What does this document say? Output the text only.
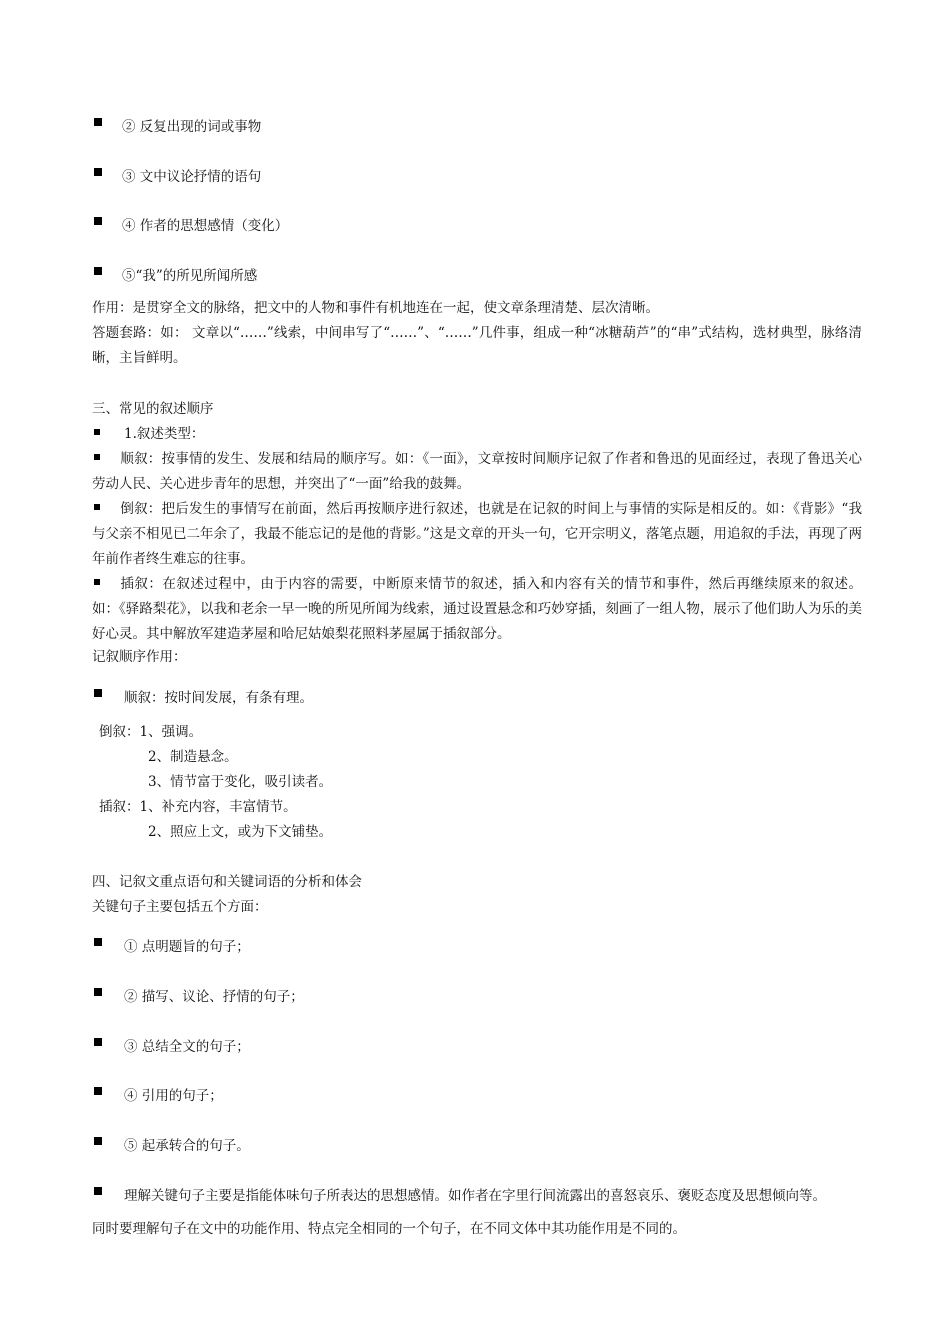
② 反复出现的词或事物
③ 文中议论抒情的语句
④ 作者的思想感情（变化）
⑤“我”的所见所闻所感
作用：是贯穿全文的脉络，把文中的人物和事件有机地连在一起，使文章条理清楚、层次清晰。
答题套路：如： 文章以“……”线索，中间串写了“……”、“……”几件事，组成一种“冰糖葫芦”的“串”式结构，选材典型，脉络清晰，主旨鲜明。
三、常见的叙述顺序
1.叙述类型：
顺叙：按事情的发生、发展和结局的顺序写。如：《一面》，文章按时间顺序记叙了作者和鲁迅的见面经过，表现了鲁迅关心劳动人民、关心进步青年的思想，并突出了“一面”给我的鼓舞。
倒叙：把后发生的事情写在前面，然后再按顺序进行叙述，也就是在记叙的时间上与事情的实际是相反的。如：《背影》“我与父亲不相见已二年余了，我最不能忘记的是他的背影。”这是文章的开头一句，它开宗明义，落笔点题，用追叙的手法，再现了两年前作者终生难忘的往事。
插叙：在叙述过程中，由于内容的需要，中断原来情节的叙述，插入和内容有关的情节和事件，然后再继续原来的叙述。如：《驿路梨花》，以我和老余一早一晚的所见所闻为线索，通过设置悬念和巧妙穿插，刻画了一组人物，展示了他们助人为乐的美好心灵。其中解放军建造茅屋和哈尼姑娘梨花照料茅屋属于插叙部分。
记叙顺序作用：
顺叙：按时间发展，有条有理。
倒叙：1、强调。
2、制造悬念。
3、情节富于变化，吸引读者。
插叙：1、补充内容，丰富情节。
2、照应上文，或为下文铺垫。
四、记叙文重点语句和关键词语的分析和体会
关键句子主要包括五个方面：
① 点明题旨的句子；
② 描写、议论、抒情的句子；
③ 总结全文的句子；
④ 引用的句子；
⑤ 起承转合的句子。
理解关键句子主要是指能体味句子所表达的思想感情。如作者在字里行间流露出的喜怒哀乐、褒贬态度及思想倾向等。
同时要理解句子在文中的功能作用、特点完全相同的一个句子，在不同文体中其功能作用是不同的。
